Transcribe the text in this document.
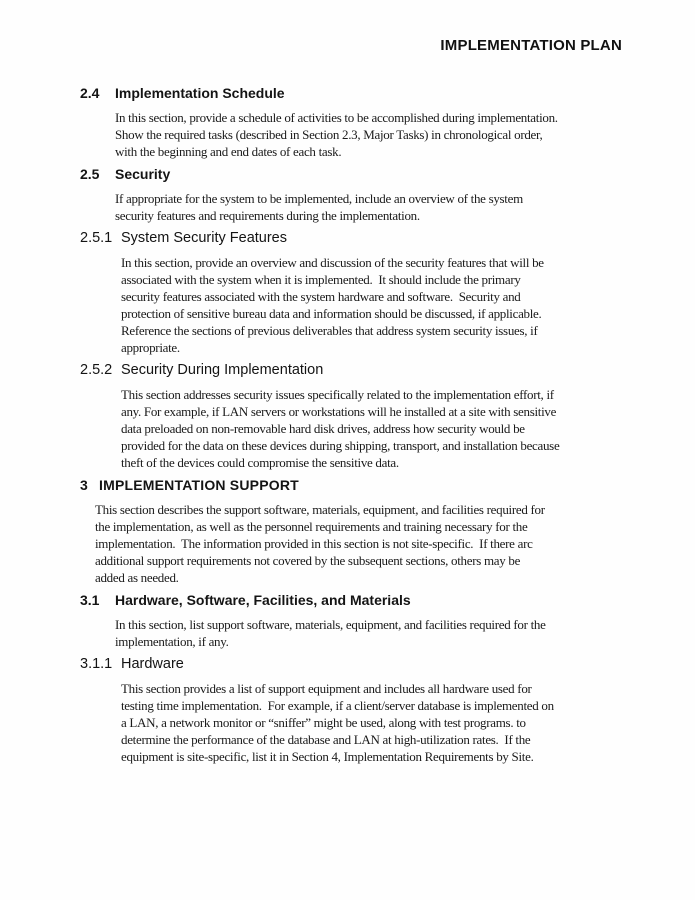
IMPLEMENTATION PLAN
2.4	Implementation Schedule
In this section, provide a schedule of activities to be accomplished during implementation.
Show the required tasks (described in Section 2.3, Major Tasks) in chronological order,
with the beginning and end dates of each task.
2.5	Security
If appropriate for the system to be implemented, include an overview of the system
security features and requirements during the implementation.
2.5.1 System Security Features
In this section, provide an overview and discussion of the security features that will be
associated with the system when it is implemented.  It should include the primary
security features associated with the system hardware and software.  Security and
protection of sensitive bureau data and information should be discussed, if applicable.
Reference the sections of previous deliverables that address system security issues, if
appropriate.
2.5.2 Security During Implementation
This section addresses security issues specifically related to the implementation effort, if
any. For example, if LAN servers or workstations will he installed at a site with sensitive
data preloaded on non-removable hard disk drives, address how security would be
provided for the data on these devices during shipping, transport, and installation because
theft of the devices could compromise the sensitive data.
3 IMPLEMENTATION SUPPORT
This section describes the support software, materials, equipment, and facilities required for
the implementation, as well as the personnel requirements and training necessary for the
implementation.  The information provided in this section is not site-specific.  If there arc
additional support requirements not covered by the subsequent sections, others may be
added as needed.
3.1	Hardware, Software, Facilities, and Materials
In this section, list support software, materials, equipment, and facilities required for the
implementation, if any.
3.1.1 Hardware
This section provides a list of support equipment and includes all hardware used for
testing time implementation.  For example, if a client/server database is implemented on
a LAN, a network monitor or “sniffer” might be used, along with test programs. to
determine the performance of the database and LAN at high-utilization rates.  If the
equipment is site-specific, list it in Section 4, Implementation Requirements by Site.
